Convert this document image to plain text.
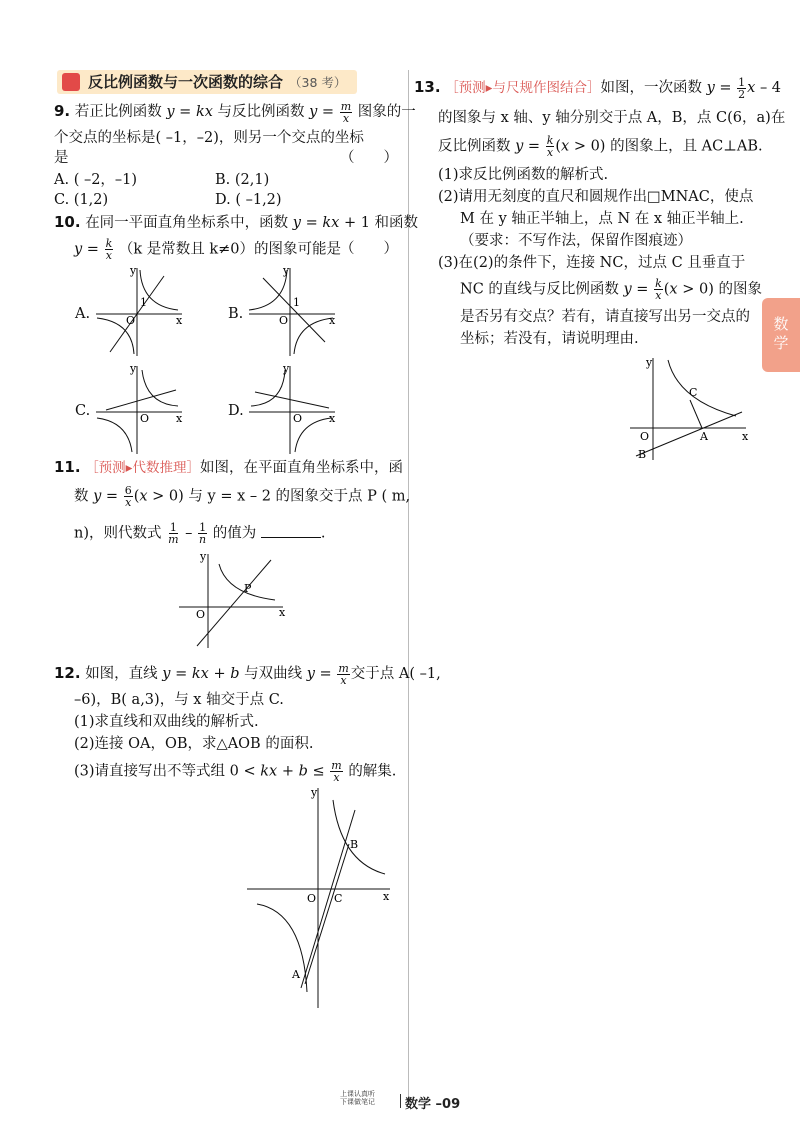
反比例函数与一次函数的综合 （38 考）
数学
9. 若正比例函数 y = kx 与反比例函数 $y = \frac{m}{x}$ 图象的一
个交点的坐标是( –1，–2)，则另一个交点的坐标
是	（　　）
A. ( –2，–1)	B. (2,1)
C. (1,2)	D. ( –1,2)
10. 在同一平面直角坐标系中，函数 y = kx + 1 和函数
$y = \frac{k}{x} (k$ 是常数且 k≠0）的图象可能是
（　　）
A.	B.
C.	D.
y
x
O
1
y
x
O
1
y
x
O
y
x
O
11. ［预测▸代数推理］如图，在平面直角坐标系中，函
数 $y = \frac{6}{x} (x > 0)$ 与 y = x – 2 的图象交于点 P ( m,
n)，则代数式 $\frac{1}{m} - \frac{1}{n}$ 的值为	.
y
x
O
P
12. 如图，直线 y = kx + b 与双曲线 $y = \frac{m}{x}$ 交于点 A( –1,
–6)，B( a,3)，与 x 轴交于点 C.
(1)求直线和双曲线的解析式.
(2)连接 OA，OB，求△AOB 的面积.
(3)请直接写出不等式组 0 < kx + $b \le \frac{m}{x}$ 的解集.
y
x
O C
B
A
13. ［预测▸与尺规作图结合］如图，一次函数 $y = \frac{1}{2}$ x – 4
的图象与 x 轴、y 轴分别交于点 A，B，点 C(6，a)在
反比例函数 $y = \frac{k}{x} (x > 0)$ 的图象上，且 AC⊥AB.
(1)求反比例函数的解析式.
(2)请用无刻度的直尺和圆规作出□MNAC，使点
M 在 y 轴正半轴上，点 N 在 x 轴正半轴上.
（要求：不写作法，保留作图痕迹）
(3)在(2)的条件下，连接 NC，过点 C 且垂直于
NC 的直线与反比例函数 $y = \frac{k}{x} (x > 0)$ 的图象
是否另有交点？若有，请直接写出另一交点的
坐标；若没有，请说明理由.
y
x
O	A
C
B
上课认真听
下课做笔记	数学 –09
